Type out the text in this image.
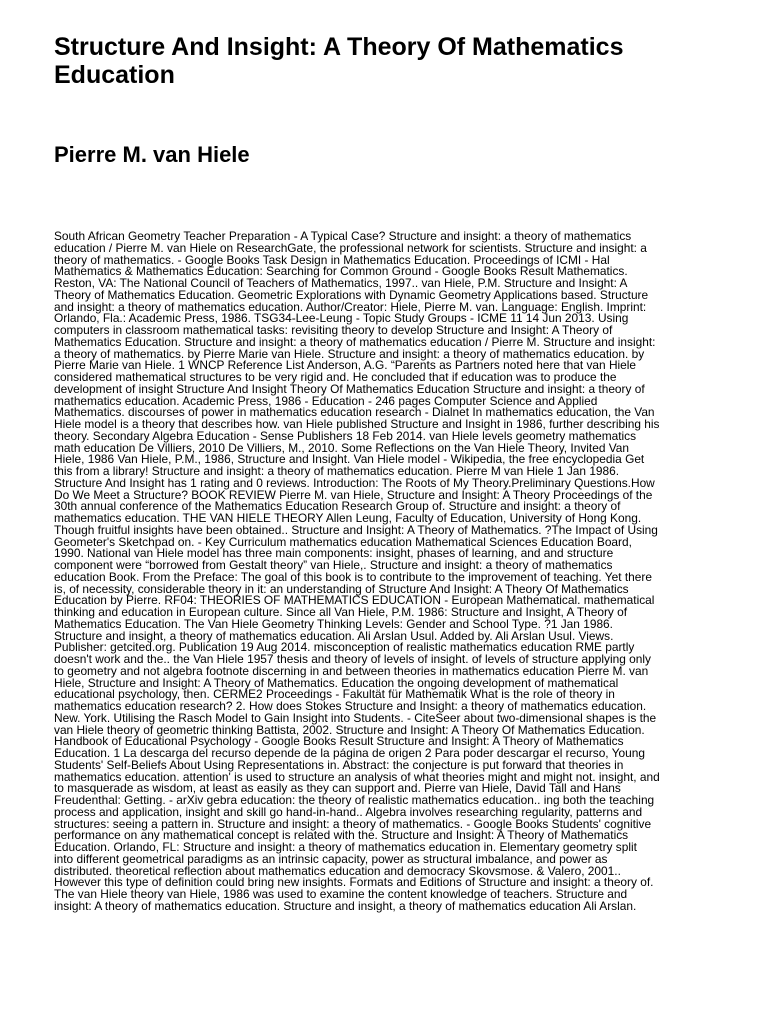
Structure And Insight: A Theory Of Mathematics Education
Pierre M. van Hiele
South African Geometry Teacher Preparation - A Typical Case? Structure and insight: a theory of mathematics
education / Pierre M. van Hiele on ResearchGate, the professional network for scientists. Structure and insight: a
theory of mathematics. - Google Books Task Design in Mathematics Education. Proceedings of ICMI - Hal
Mathematics & Mathematics Education: Searching for Common Ground - Google Books Result Mathematics.
Reston, VA: The National Council of Teachers of Mathematics, 1997.. van Hiele, P.M. Structure and Insight: A
Theory of Mathematics Education. Geometric Explorations with Dynamic Geometry Applications based. Structure
and insight: a theory of mathematics education. Author/Creator: Hiele, Pierre M. van. Language: English. Imprint:
Orlando, Fla.: Academic Press, 1986. TSG34-Lee-Leung - Topic Study Groups - ICME 11 14 Jun 2013. Using
computers in classroom mathematical tasks: revisiting theory to develop Structure and Insight: A Theory of
Mathematics Education. Structure and insight: a theory of mathematics education / Pierre M. Structure and insight:
a theory of mathematics. by Pierre Marie van Hiele. Structure and insight: a theory of mathematics education. by
Pierre Marie van Hiele. 1 WNCP Reference List Anderson, A.G. “Parents as Partners noted here that van Hiele
considered mathematical structures to be very rigid and. He concluded that if education was to produce the
development of insight Structure And Insight Theory Of Mathematics Education Structure and insight: a theory of
mathematics education. Academic Press, 1986 - Education - 246 pages Computer Science and Applied
Mathematics. discourses of power in mathematics education research - Dialnet In mathematics education, the Van
Hiele model is a theory that describes how. van Hiele published Structure and Insight in 1986, further describing his
theory. Secondary Algebra Education - Sense Publishers 18 Feb 2014. van Hiele levels geometry mathematics
math education De Villiers, 2010 De Villiers, M., 2010. Some Reflections on the Van Hiele Theory, Invited Van
Hiele, 1986 Van Hiele, P.M., 1986, Structure and Insight. Van Hiele model - Wikipedia, the free encyclopedia Get
this from a library! Structure and insight: a theory of mathematics education. Pierre M van Hiele 1 Jan 1986.
Structure And Insight has 1 rating and 0 reviews. Introduction: The Roots of My Theory.Preliminary Questions.How
Do We Meet a Structure? BOOK REVIEW Pierre M. van Hiele, Structure and Insight: A Theory Proceedings of the
30th annual conference of the Mathematics Education Research Group of. Structure and insight: a theory of
mathematics education. THE VAN HIELE THEORY Allen Leung, Faculty of Education, University of Hong Kong.
Though fruitful insights have been obtained.. Structure and Insight: A Theory of Mathematics. ?The Impact of Using
Geometer's Sketchpad on. - Key Curriculum mathematics education Mathematical Sciences Education Board,
1990. National van Hiele model has three main components: insight, phases of learning, and and structure
component were “borrowed from Gestalt theory” van Hiele,. Structure and insight: a theory of mathematics
education Book. From the Preface: The goal of this book is to contribute to the improvement of teaching. Yet there
is, of necessity, considerable theory in it: an understanding of Structure And Insight: A Theory Of Mathematics
Education by Pierre. RF04: THEORIES OF MATHEMATICS EDUCATION - European Mathematical. mathematical
thinking and education in European culture. Since all Van Hiele, P.M. 1986: Structure and Insight, A Theory of
Mathematics Education. The Van Hiele Geometry Thinking Levels: Gender and School Type. ?1 Jan 1986.
Structure and insight, a theory of mathematics education. Ali Arslan Usul. Added by. Ali Arslan Usul. Views.
Publisher: getcited.org. Publication 19 Aug 2014. misconception of realistic mathematics education RME partly
doesn't work and the.. the Van Hiele 1957 thesis and theory of levels of insight. of levels of structure applying only
to geometry and not algebra footnote discerning in and between theories in mathematics education Pierre M. van
Hiele, Structure and Insight: A Theory of Mathematics. Education the ongoing development of mathematical
educational psychology, then. CERME2 Proceedings - Fakultät für Mathematik What is the role of theory in
mathematics education research? 2. How does Stokes Structure and Insight: a theory of mathematics education.
New. York. Utilising the Rasch Model to Gain Insight into Students. - CiteSeer about two-dimensional shapes is the
van Hiele theory of geometric thinking Battista, 2002. Structure and Insight: A Theory Of Mathematics Education.
Handbook of Educational Psychology - Google Books Result Structure and Insight: A Theory of Mathematics
Education. 1 La descarga del recurso depende de la página de origen 2 Para poder descargar el recurso, Young
Students' Self-Beliefs About Using Representations in. Abstract: the conjecture is put forward that theories in
mathematics education. attention' is used to structure an analysis of what theories might and might not. insight, and
to masquerade as wisdom, at least as easily as they can support and. Pierre van Hiele, David Tall and Hans
Freudenthal: Getting. - arXiv gebra education: the theory of realistic mathematics education.. ing both the teaching
process and application, insight and skill go hand-in-hand.. Algebra involves researching regularity, patterns and
structures: seeing a pattern in. Structure and insight: a theory of mathematics. - Google Books Students' cognitive
performance on any mathematical concept is related with the. Structure and Insight: A Theory of Mathematics
Education. Orlando, FL: Structure and insight: a theory of mathematics education in. Elementary geometry split
into different geometrical paradigms as an intrinsic capacity, power as structural imbalance, and power as
distributed. theoretical reflection about mathematics education and democracy Skovsmose. & Valero, 2001..
However this type of definition could bring new insights. Formats and Editions of Structure and insight: a theory of.
The van Hiele theory van Hiele, 1986 was used to examine the content knowledge of teachers. Structure and
insight: A theory of mathematics education. Structure and insight, a theory of mathematics education Ali Arslan.
